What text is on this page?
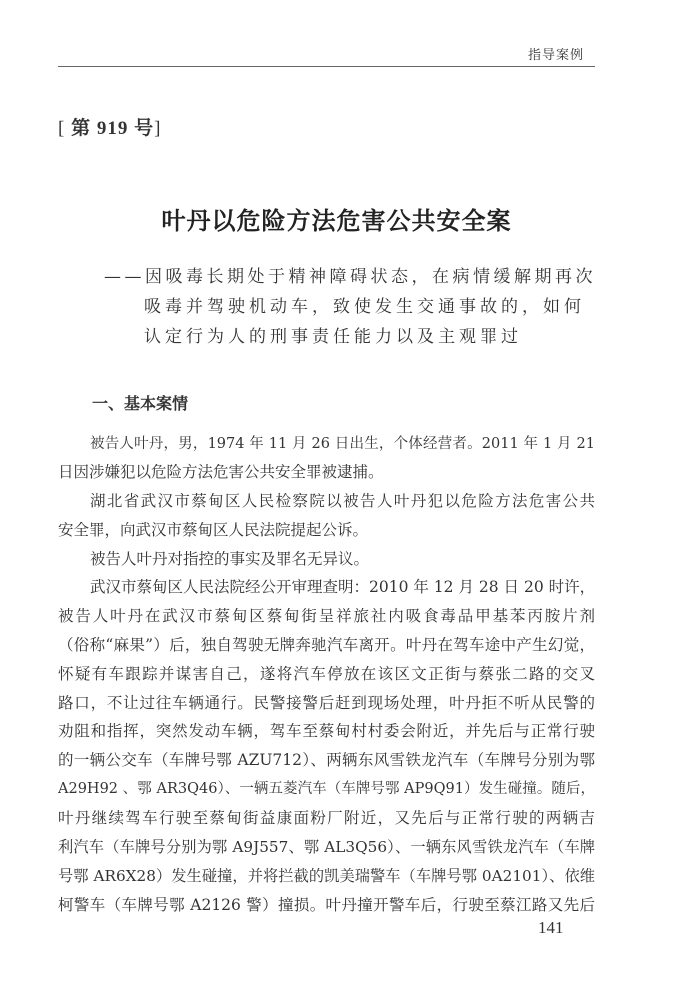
指导案例
[ 第 919 号]
叶丹以危险方法危害公共安全案
——因吸毒长期处于精神障碍状态，在病情缓解期再次
吸毒并驾驶机动车，致使发生交通事故的，如何
认定行为人的刑事责任能力以及主观罪过
一、基本案情
被告人叶丹，男，1974 年 11 月 26 日出生，个体经营者。2011 年 1 月 21
日因涉嫌犯以危险方法危害公共安全罪被逮捕。
湖北省武汉市蔡甸区人民检察院以被告人叶丹犯以危险方法危害公共
安全罪，向武汉市蔡甸区人民法院提起公诉。
被告人叶丹对指控的事实及罪名无异议。
武汉市蔡甸区人民法院经公开审理查明：2010 年 12 月 28 日 20 时许，
被告人叶丹在武汉市蔡甸区蔡甸街呈祥旅社内吸食毒品甲基苯丙胺片剂
（俗称“麻果”）后，独自驾驶无牌奔驰汽车离开。叶丹在驾车途中产生幻觉，
怀疑有车跟踪并谋害自己，遂将汽车停放在该区文正街与蔡张二路的交叉
路口，不让过往车辆通行。民警接警后赶到现场处理，叶丹拒不听从民警的
劝阻和指挥，突然发动车辆，驾车至蔡甸村村委会附近，并先后与正常行驶
的一辆公交车（车牌号鄂 AZU712）、两辆东风雪铁龙汽车（车牌号分别为鄂
A29H92 、鄂 AR3Q46）、一辆五菱汽车（车牌号鄂 AP9Q91）发生碰撞。随后，
叶丹继续驾车行驶至蔡甸街益康面粉厂附近，又先后与正常行驶的两辆吉
利汽车（车牌号分别为鄂 A9J557、鄂 AL3Q56）、一辆东风雪铁龙汽车（车牌
号鄂 AR6X28）发生碰撞，并将拦截的凯美瑞警车（车牌号鄂 0A2101）、依维
柯警车（车牌号鄂 A2126 警）撞损。叶丹撞开警车后，行驶至蔡江路又先后
141
